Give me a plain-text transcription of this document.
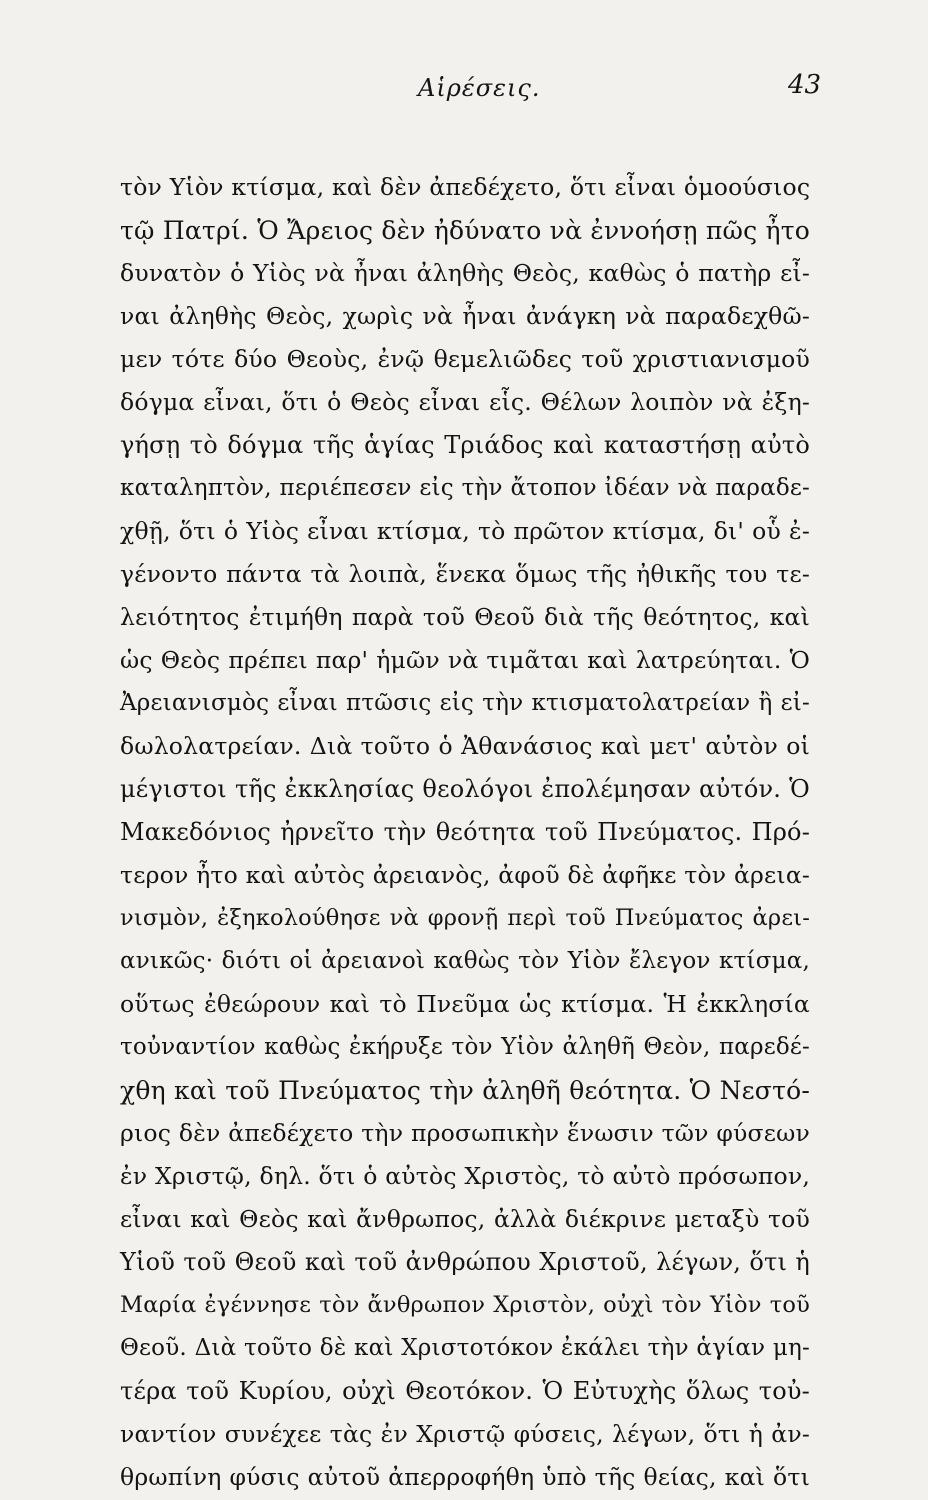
Αἱρέσεις.	43
τὸν Υἱὸν κτίσμα, καὶ δὲν ἀπεδέχετο, ὅτι εἶναι ὁμοούσιος
τῷ Πατρί. Ὁ Ἄρειος δὲν ἠδύνατο νὰ ἐννοήσῃ πῶς ἦτο
δυνατὸν ὁ Υἱὸς νὰ ἦναι ἀληθὴς Θεὸς, καθὼς ὁ πατὴρ εἶ-
ναι ἀληθὴς Θεὸς, χωρὶς νὰ ἦναι ἀνάγκη νὰ παραδεχθῶ-
μεν τότε δύο Θεοὺς, ἐνῷ θεμελιῶδες τοῦ χριστιανισμοῦ
δόγμα εἶναι, ὅτι ὁ Θεὸς εἶναι εἷς. Θέλων λοιπὸν νὰ ἐξη-
γήσῃ τὸ δόγμα τῆς ἁγίας Τριάδος καὶ καταστήσῃ αὐτὸ
καταληπτὸν, περιέπεσεν εἰς τὴν ἄτοπον ἰδέαν νὰ παραδε-
χθῇ, ὅτι ὁ Υἱὸς εἶναι κτίσμα, τὸ πρῶτον κτίσμα, δι' οὗ ἐ-
γένοντο πάντα τὰ λοιπὰ, ἕνεκα ὅμως τῆς ἠθικῆς του τε-
λειότητος ἐτιμήθη παρὰ τοῦ Θεοῦ διὰ τῆς θεότητος, καὶ
ὡς Θεὸς πρέπει παρ' ἡμῶν νὰ τιμᾶται καὶ λατρεύηται. Ὁ
Ἀρειανισμὸς εἶναι πτῶσις εἰς τὴν κτισματολατρείαν ἢ εἰ-
δωλολατρείαν. Διὰ τοῦτο ὁ Ἀθανάσιος καὶ μετ' αὐτὸν οἱ
μέγιστοι τῆς ἐκκλησίας θεολόγοι ἐπολέμησαν αὐτόν. Ὁ
Μακεδόνιος ἠρνεῖτο τὴν θεότητα τοῦ Πνεύματος. Πρό-
τερον ἦτο καὶ αὐτὸς ἀρειανὸς, ἀφοῦ δὲ ἀφῆκε τὸν ἀρεια-
νισμὸν, ἐξηκολούθησε νὰ φρονῇ περὶ τοῦ Πνεύματος ἀρει-
ανικῶς· διότι οἱ ἀρειανοὶ καθὼς τὸν Υἱὸν ἔλεγον κτίσμα,
οὕτως ἐθεώρουν καὶ τὸ Πνεῦμα ὡς κτίσμα. Ἡ ἐκκλησία
τοὐναντίον καθὼς ἐκήρυξε τὸν Υἱὸν ἀληθῆ Θεὸν, παρεδέ-
χθη καὶ τοῦ Πνεύματος τὴν ἀληθῆ θεότητα. Ὁ Νεστό-
ριος δὲν ἀπεδέχετο τὴν προσωπικὴν ἕνωσιν τῶν φύσεων
ἐν Χριστῷ, δηλ. ὅτι ὁ αὐτὸς Χριστὸς, τὸ αὐτὸ πρόσωπον,
εἶναι καὶ Θεὸς καὶ ἄνθρωπος, ἀλλὰ διέκρινε μεταξὺ τοῦ
Υἱοῦ τοῦ Θεοῦ καὶ τοῦ ἀνθρώπου Χριστοῦ, λέγων, ὅτι ἡ
Μαρία ἐγέννησε τὸν ἄνθρωπον Χριστὸν, οὐχὶ τὸν Υἱὸν τοῦ
Θεοῦ. Διὰ τοῦτο δὲ καὶ Χριστοτόκον ἐκάλει τὴν ἁγίαν μη-
τέρα τοῦ Κυρίου, οὐχὶ Θεοτόκον. Ὁ Εὐτυχὴς ὅλως τοὐ-
ναντίον συνέχεε τὰς ἐν Χριστῷ φύσεις, λέγων, ὅτι ἡ ἀν-
θρωπίνη φύσις αὐτοῦ ἀπερροφήθη ὑπὸ τῆς θείας, καὶ ὅτι
